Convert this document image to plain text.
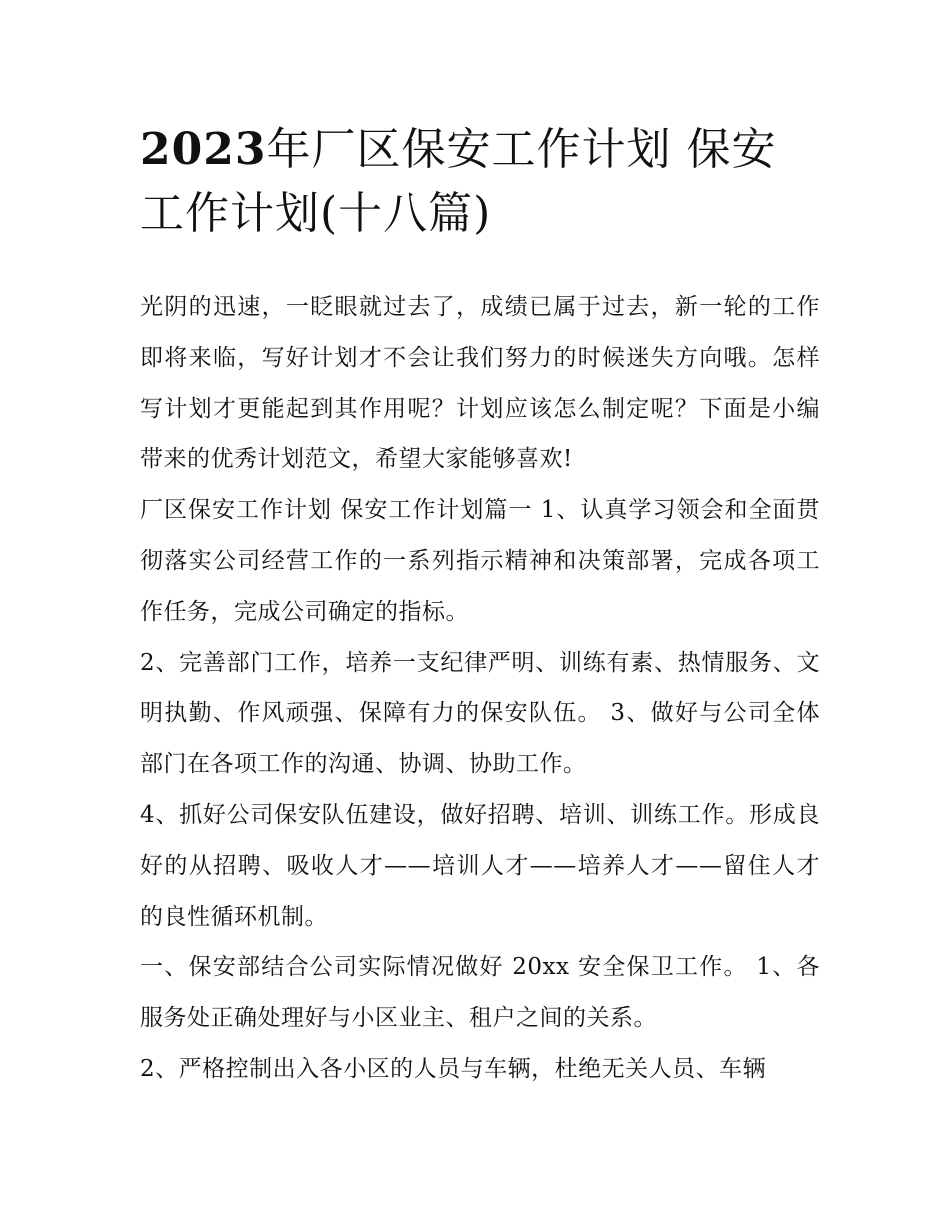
2023年厂区保安工作计划 保安工作计划(十八篇)

光阴的迅速，一眨眼就过去了，成绩已属于过去，新一轮的工作即将来临，写好计划才不会让我们努力的时候迷失方向哦。怎样写计划才更能起到其作用呢？计划应该怎么制定呢？下面是小编带来的优秀计划范文，希望大家能够喜欢!

厂区保安工作计划 保安工作计划篇一 1、认真学习领会和全面贯彻落实公司经营工作的一系列指示精神和决策部署，完成各项工作任务，完成公司确定的指标。

2、完善部门工作，培养一支纪律严明、训练有素、热情服务、文明执勤、作风顽强、保障有力的保安队伍。 3、做好与公司全体部门在各项工作的沟通、协调、协助工作。

4、抓好公司保安队伍建设，做好招聘、培训、训练工作。形成良好的从招聘、吸收人才——培训人才——培养人才——留住人才的良性循环机制。

一、保安部结合公司实际情况做好 20xx 安全保卫工作。 1、各服务处正确处理好与小区业主、租户之间的关系。

2、严格控制出入各小区的人员与车辆，杜绝无关人员、车辆
